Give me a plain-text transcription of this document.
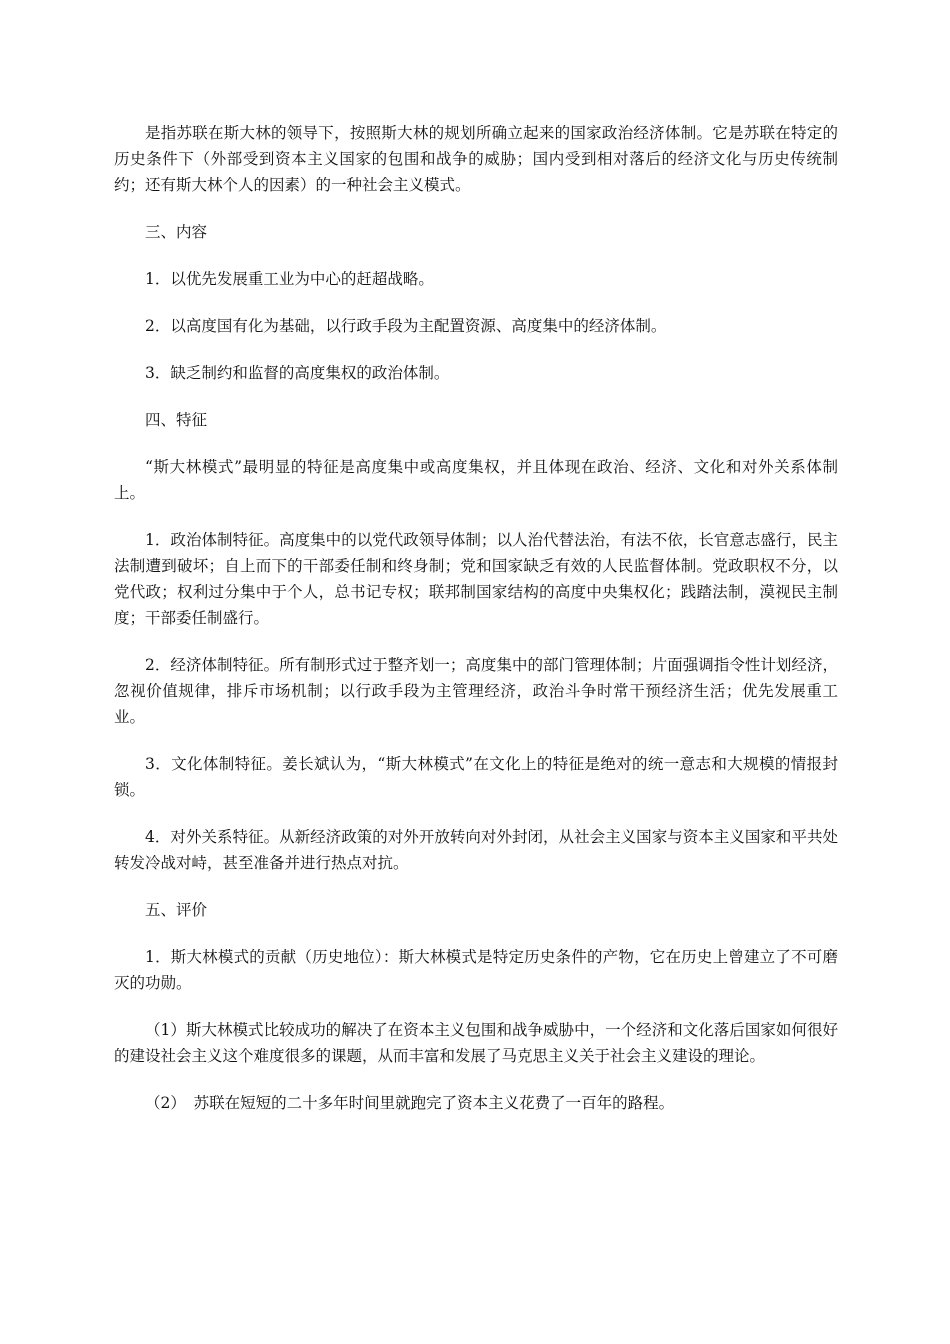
是指苏联在斯大林的领导下，按照斯大林的规划所确立起来的国家政治经济体制。它是苏联在特定的历史条件下（外部受到资本主义国家的包围和战争的威胁；国内受到相对落后的经济文化与历史传统制约；还有斯大林个人的因素）的一种社会主义模式。

三、内容

1．以优先发展重工业为中心的赶超战略。

2．以高度国有化为基础，以行政手段为主配置资源、高度集中的经济体制。

3．缺乏制约和监督的高度集权的政治体制。

四、特征

“斯大林模式”最明显的特征是高度集中或高度集权，并且体现在政治、经济、文化和对外关系体制上。

1．政治体制特征。高度集中的以党代政领导体制；以人治代替法治，有法不依，长官意志盛行，民主法制遭到破坏；自上而下的干部委任制和终身制；党和国家缺乏有效的人民监督体制。党政职权不分，以党代政；权利过分集中于个人，总书记专权；联邦制国家结构的高度中央集权化；践踏法制，漠视民主制度；干部委任制盛行。

2．经济体制特征。所有制形式过于整齐划一；高度集中的部门管理体制；片面强调指令性计划经济，忽视价值规律，排斥市场机制；以行政手段为主管理经济，政治斗争时常干预经济生活；优先发展重工业。

3．文化体制特征。姜长斌认为，“斯大林模式”在文化上的特征是绝对的统一意志和大规模的情报封锁。

4．对外关系特征。从新经济政策的对外开放转向对外封闭，从社会主义国家与资本主义国家和平共处转发冷战对峙，甚至准备并进行热点对抗。

五、评价

1．斯大林模式的贡献（历史地位）：斯大林模式是特定历史条件的产物，它在历史上曾建立了不可磨灭的功勋。

（1）斯大林模式比较成功的解决了在资本主义包围和战争威胁中，一个经济和文化落后国家如何很好的建设社会主义这个难度很多的课题，从而丰富和发展了马克思主义关于社会主义建设的理论。

（2）　苏联在短短的二十多年时间里就跑完了资本主义花费了一百年的路程。
